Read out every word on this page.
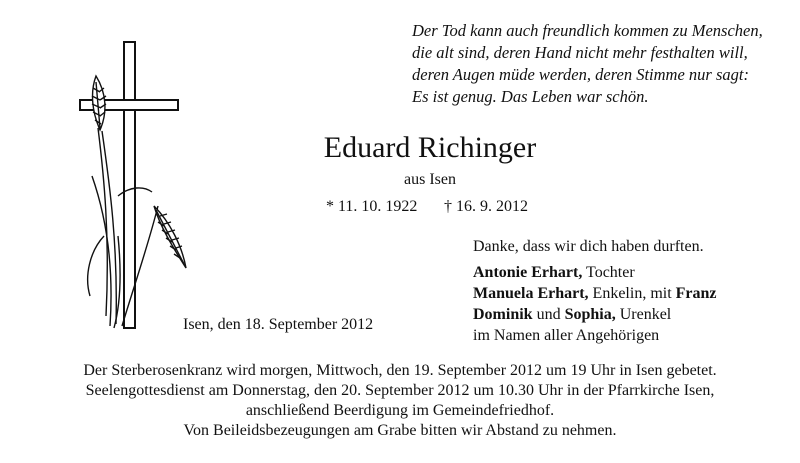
Der Tod kann auch freundlich kommen zu Menschen,
die alt sind, deren Hand nicht mehr festhalten will,
deren Augen müde werden, deren Stimme nur sagt:
Es ist genug. Das Leben war schön.
Eduard Richinger
aus Isen
* 11. 10. 1922 † 16. 9. 2012
Danke, dass wir dich haben durften.
Antonie Erhart, Tochter
Manuela Erhart, Enkelin, mit Franz
Dominik und Sophia, Urenkel
im Namen aller Angehörigen
Isen, den 18. September 2012
Der Sterberosenkranz wird morgen, Mittwoch, den 19. September 2012 um 19 Uhr in Isen gebetet.
Seelengottesdienst am Donnerstag, den 20. September 2012 um 10.30 Uhr in der Pfarrkirche Isen,
anschließend Beerdigung im Gemeindefriedhof.
Von Beileidsbezeugungen am Grabe bitten wir Abstand zu nehmen.
